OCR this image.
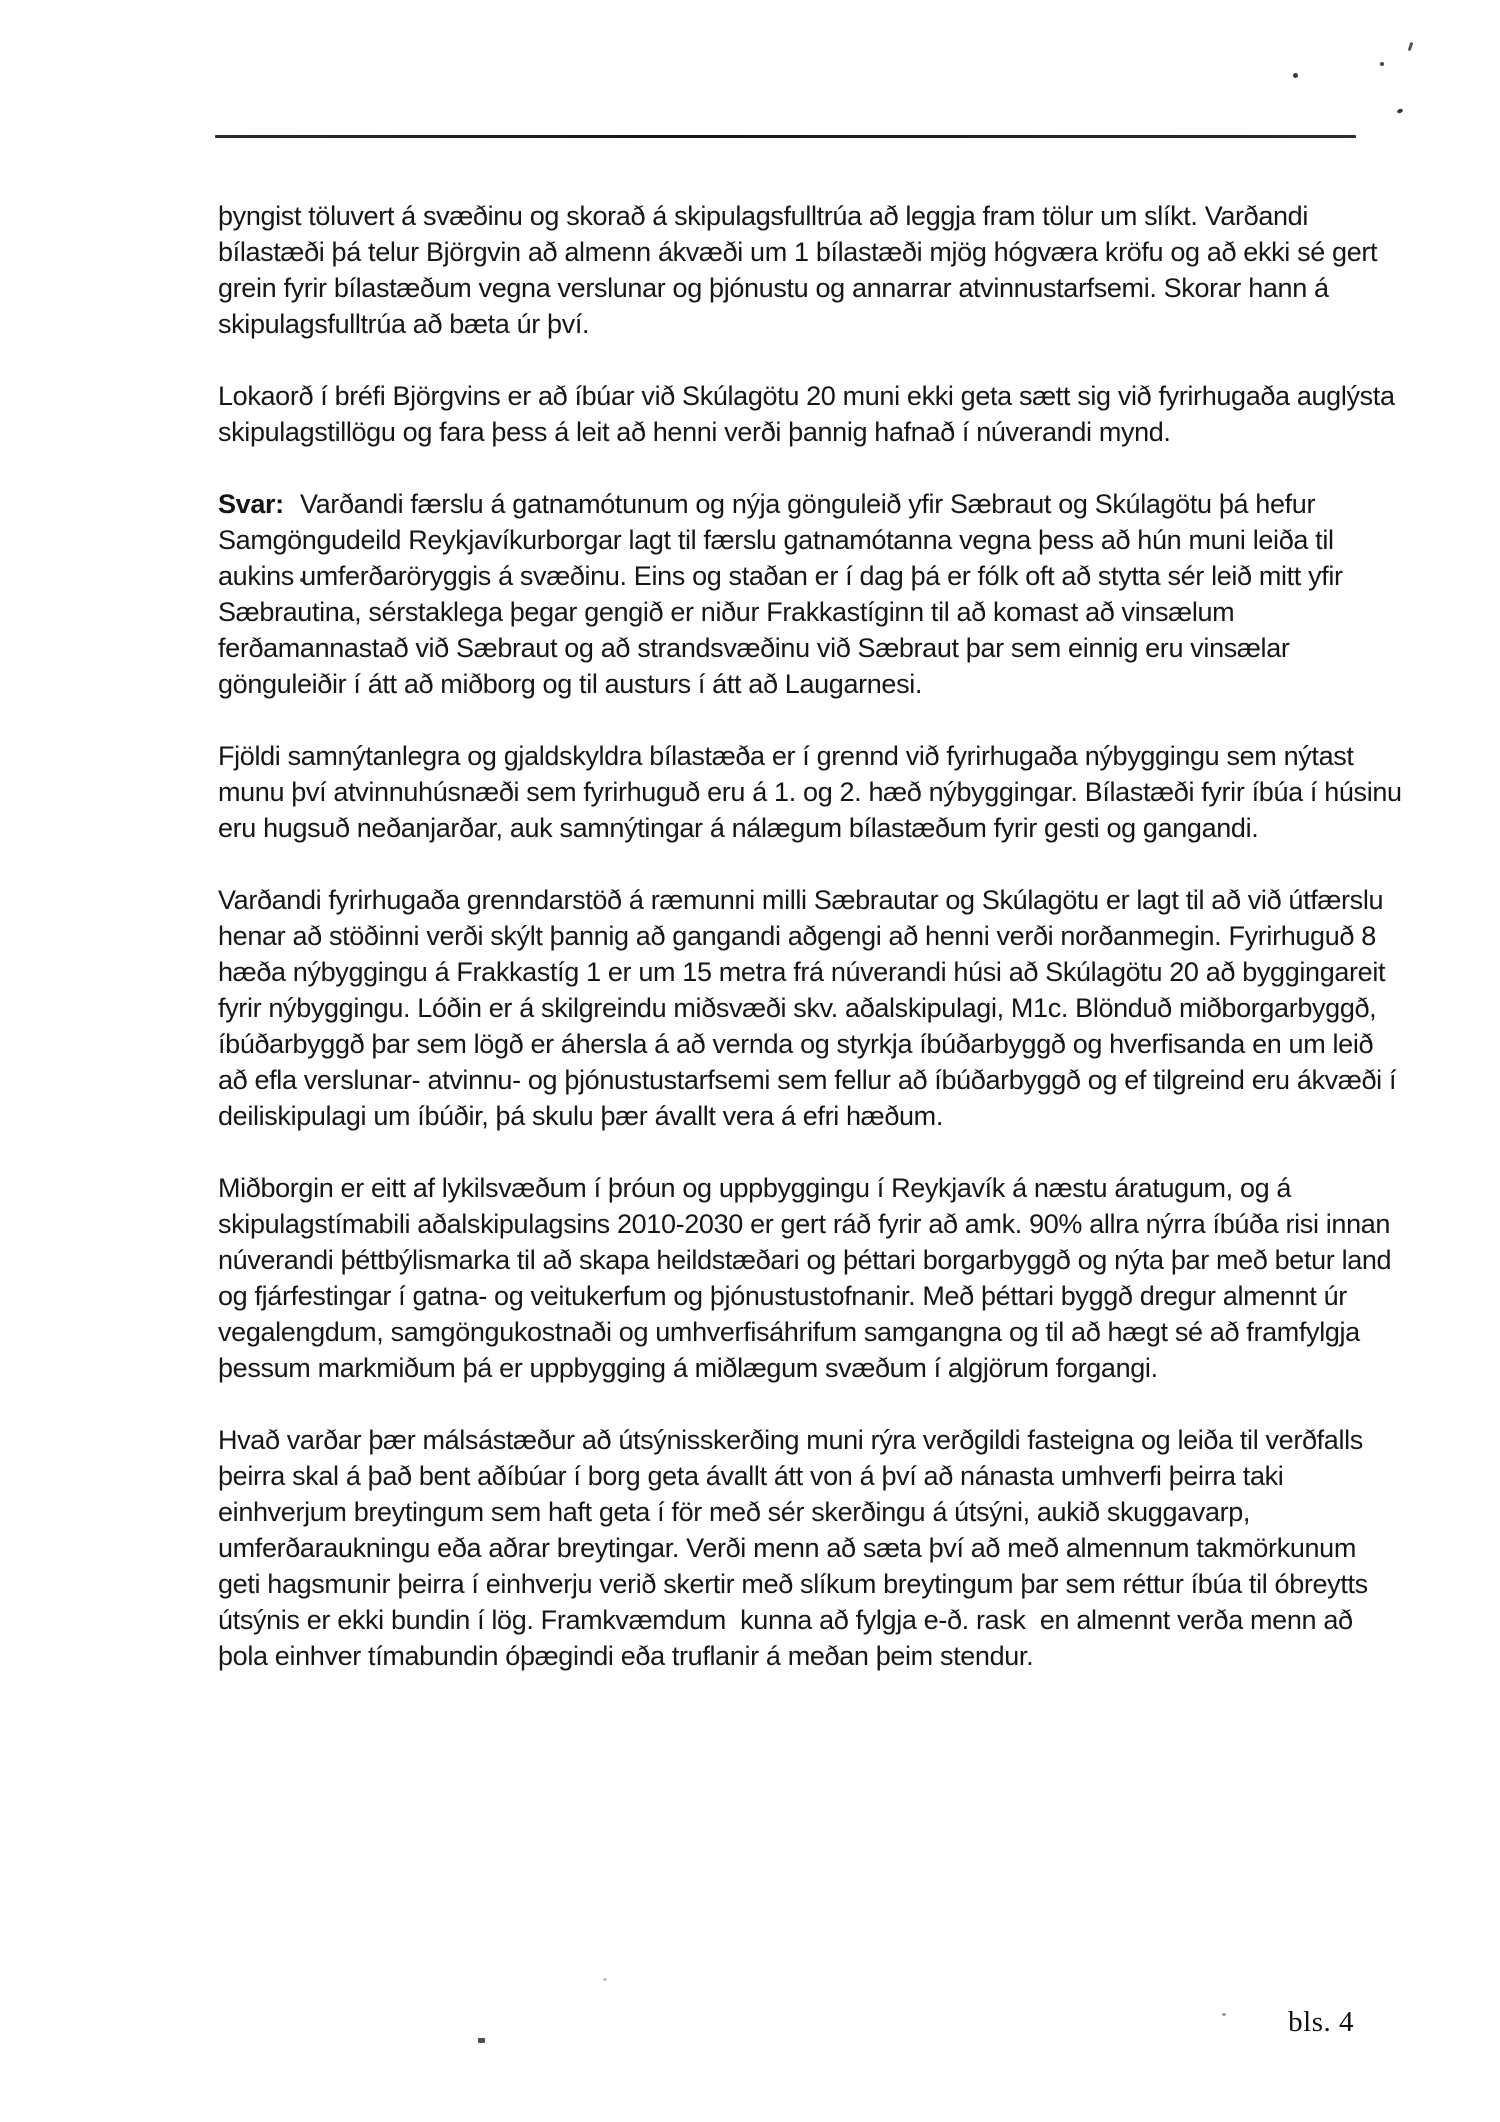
þyngist töluvert á svæðinu og skorað á skipulagsfulltrúa að leggja fram tölur um slíkt. Varðandi bílastæði þá telur Björgvin að almenn ákvæði um 1 bílastæði mjög hógværa kröfu og að ekki sé gert grein fyrir bílastæðum vegna verslunar og þjónustu og annarrar atvinnustarfsemi. Skorar hann á skipulagsfulltrúa að bæta úr því.

Lokaorð í bréfi Björgvins er að íbúar við Skúlagötu 20 muni ekki geta sætt sig við fyrirhugaða auglýsta skipulagstillögu og fara þess á leit að henni verði þannig hafnað í núverandi mynd.

Svar: Varðandi færslu á gatnamótunum og nýja gönguleið yfir Sæbraut og Skúlagötu þá hefur Samgöngudeild Reykjavíkurborgar lagt til færslu gatnamótanna vegna þess að hún muni leiða til aukins umferðaröryggis á svæðinu. Eins og staðan er í dag þá er fólk oft að stytta sér leið mitt yfir Sæbrautina, sérstaklega þegar gengið er niður Frakkastíginn til að komast að vinsælum ferðamannastað við Sæbraut og að strandsvæðinu við Sæbraut þar sem einnig eru vinsælar gönguleiðir í átt að miðborg og til austurs í átt að Laugarnesi.

Fjöldi samnýtanlegra og gjaldskyldra bílastæða er í grennd við fyrirhugaða nýbyggingu sem nýtast munu því atvinnuhúsnæði sem fyrirhuguð eru á 1. og 2. hæð nýbyggingar. Bílastæði fyrir íbúa í húsinu eru hugsuð neðanjarðar, auk samnýtingar á nálægum bílastæðum fyrir gesti og gangandi.

Varðandi fyrirhugaða grenndarstöð á ræmunni milli Sæbrautar og Skúlagötu er lagt til að við útfærslu henar að stöðinni verði skýlt þannig að gangandi aðgengi að henni verði norðanmegin. Fyrirhuguð 8 hæða nýbyggingu á Frakkastíg 1 er um 15 metra frá núverandi húsi að Skúlagötu 20 að byggingareit fyrir nýbyggingu. Lóðin er á skilgreindu miðsvæði skv. aðalskipulagi, M1c. Blönduð miðborgarbyggð, íbúðarbyggð þar sem lögð er áhersla á að vernda og styrkja íbúðarbyggð og hverfisanda en um leið að efla verslunar- atvinnu- og þjónustustarfsemi sem fellur að íbúðarbyggð og ef tilgreind eru ákvæði í deiliskipulagi um íbúðir, þá skulu þær ávallt vera á efri hæðum.

Miðborgin er eitt af lykilsvæðum í þróun og uppbyggingu í Reykjavík á næstu áratugum, og á skipulagstímabili aðalskipulagsins 2010-2030 er gert ráð fyrir að amk. 90% allra nýrra íbúða risi innan núverandi þéttbýlismarka til að skapa heildstæðari og þéttari borgarbyggð og nýta þar með betur land og fjárfestingar í gatna- og veitukerfum og þjónustustofnanir. Með þéttari byggð dregur almennt úr vegalengdum, samgöngukostnaði og umhverfisáhrifum samgangna og til að hægt sé að framfylgja þessum markmiðum þá er uppbygging á miðlægum svæðum í algjörum forgangi.

Hvað varðar þær málsástæður að útsýnisskerðing muni rýra verðgildi fasteigna og leiða til verðfalls þeirra skal á það bent aðíbúar í borg geta ávallt átt von á því að nánasta umhverfi þeirra taki einhverjum breytingum sem haft geta í för með sér skerðingu á útsýni, aukið skuggavarp, umferðaraukningu eða aðrar breytingar. Verði menn að sæta því að með almennum takmörkunum geti hagsmunir þeirra í einhverju verið skertir með slíkum breytingum þar sem réttur íbúa til óbreytts útsýnis er ekki bundin í lög. Framkvæmdum  kunna að fylgja e-ð. rask  en almennt verða menn að þola einhver tímabundin óþægindi eða truflanir á meðan þeim stendur.

bls. 4
